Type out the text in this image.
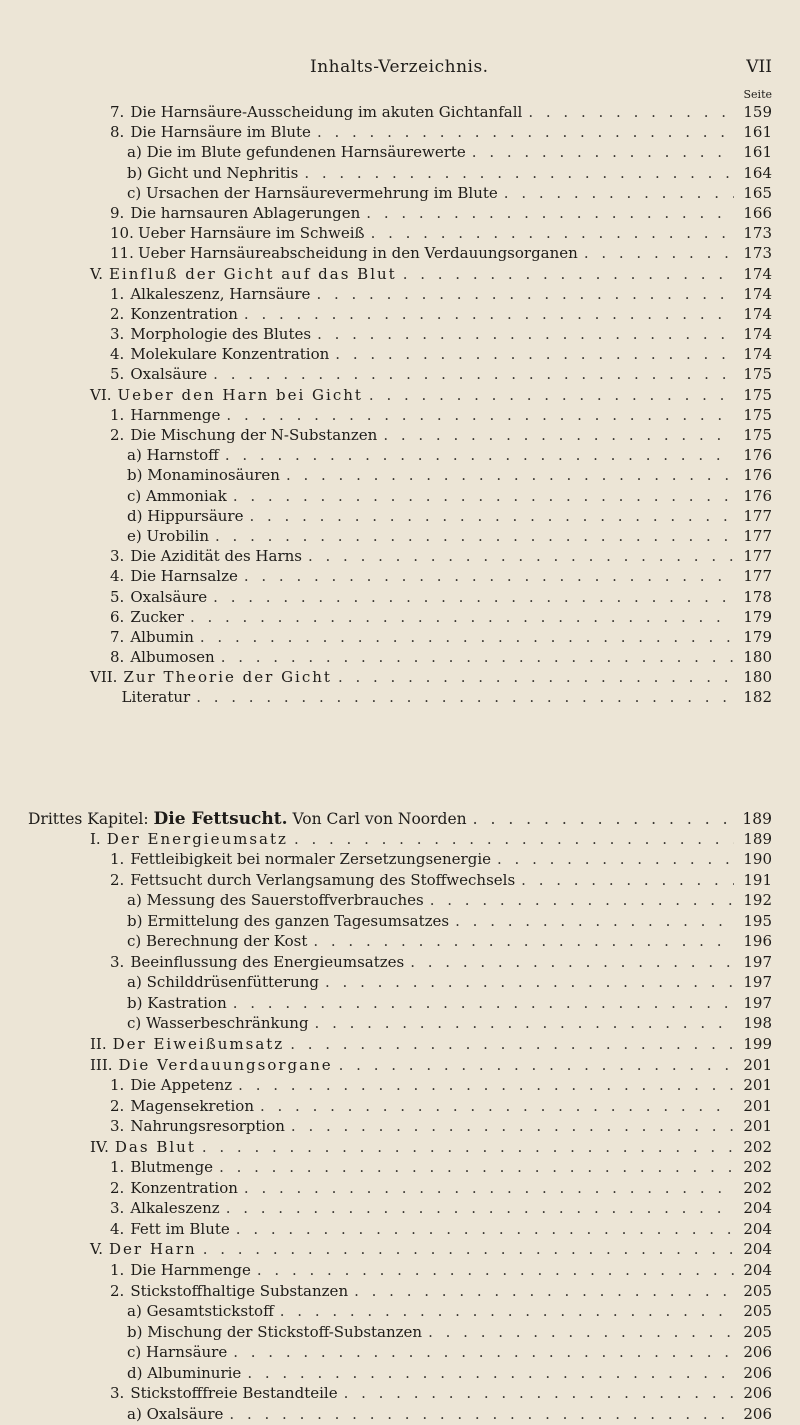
Inhalts-Verzeichnis.	VII
Seite
7. Die Harnsäure-Ausscheidung im akuten Gichtanfall . . .	159
8. Die Harnsäure im Blute . . .	161
a) Die im Blute gefundenen Harnsäurewerte . . .	161
b) Gicht und Nephritis . . .	164
c) Ursachen der Harnsäurevermehrung im Blute . . .	165
9. Die harnsauren Ablagerungen . . .	166
10. Ueber Harnsäure im Schweiß . . .	173
11. Ueber Harnsäureabscheidung in den Verdauungsorganen . . .	173
V. Einfluß der Gicht auf das Blut . . .	174
1. Alkaleszenz, Harnsäure . . .	174
2. Konzentration . . .	174
3. Morphologie des Blutes . . .	174
4. Molekulare Konzentration . . .	174
5. Oxalsäure . . .	175
VI. Ueber den Harn bei Gicht . . .	175
1. Harnmenge . . .	175
2. Die Mischung der N-Substanzen . . .	175
a) Harnstoff . . .	176
b) Monaminosäuren . . .	176
c) Ammoniak . . .	176
d) Hippursäure . . .	177
e) Urobilin . . .	177
3. Die Azidität des Harns . . .	177
4. Die Harnsalze . . .	177
5. Oxalsäure . . .	178
6. Zucker . . .	179
7. Albumin . . .	179
8. Albumosen . . .	180
VII. Zur Theorie der Gicht . . .	180
Literatur . . .	182
Drittes Kapitel: Die Fettsucht. Von Carl von Noorden . . .	189
I. Der Energieumsatz . . .	189
1. Fettleibigkeit bei normaler Zersetzungsenergie . . .	190
2. Fettsucht durch Verlangsamung des Stoffwechsels . . .	191
a) Messung des Sauerstoffverbrauches . . .	192
b) Ermittelung des ganzen Tagesumsatzes . . .	195
c) Berechnung der Kost . . .	196
3. Beeinflussung des Energieumsatzes . . .	197
a) Schilddrüsenfütterung . . .	197
b) Kastration . . .	197
c) Wasserbeschränkung . . .	198
II. Der Eiweißumsatz . . .	199
III. Die Verdauungsorgane . . .	201
1. Die Appetenz . . .	201
2. Magensekretion . . .	201
3. Nahrungsresorption . . .	201
IV. Das Blut . . .	202
1. Blutmenge . . .	202
2. Konzentration . . .	202
3. Alkaleszenz . . .	204
4. Fett im Blute . . .	204
V. Der Harn . . .	204
1. Die Harnmenge . . .	204
2. Stickstoffhaltige Substanzen . . .	205
a) Gesamtstickstoff . . .	205
b) Mischung der Stickstoff-Substanzen . . .	205
c) Harnsäure . . .	206
d) Albuminurie . . .	206
3. Stickstofffreie Bestandteile . . .	206
a) Oxalsäure . . .	206
